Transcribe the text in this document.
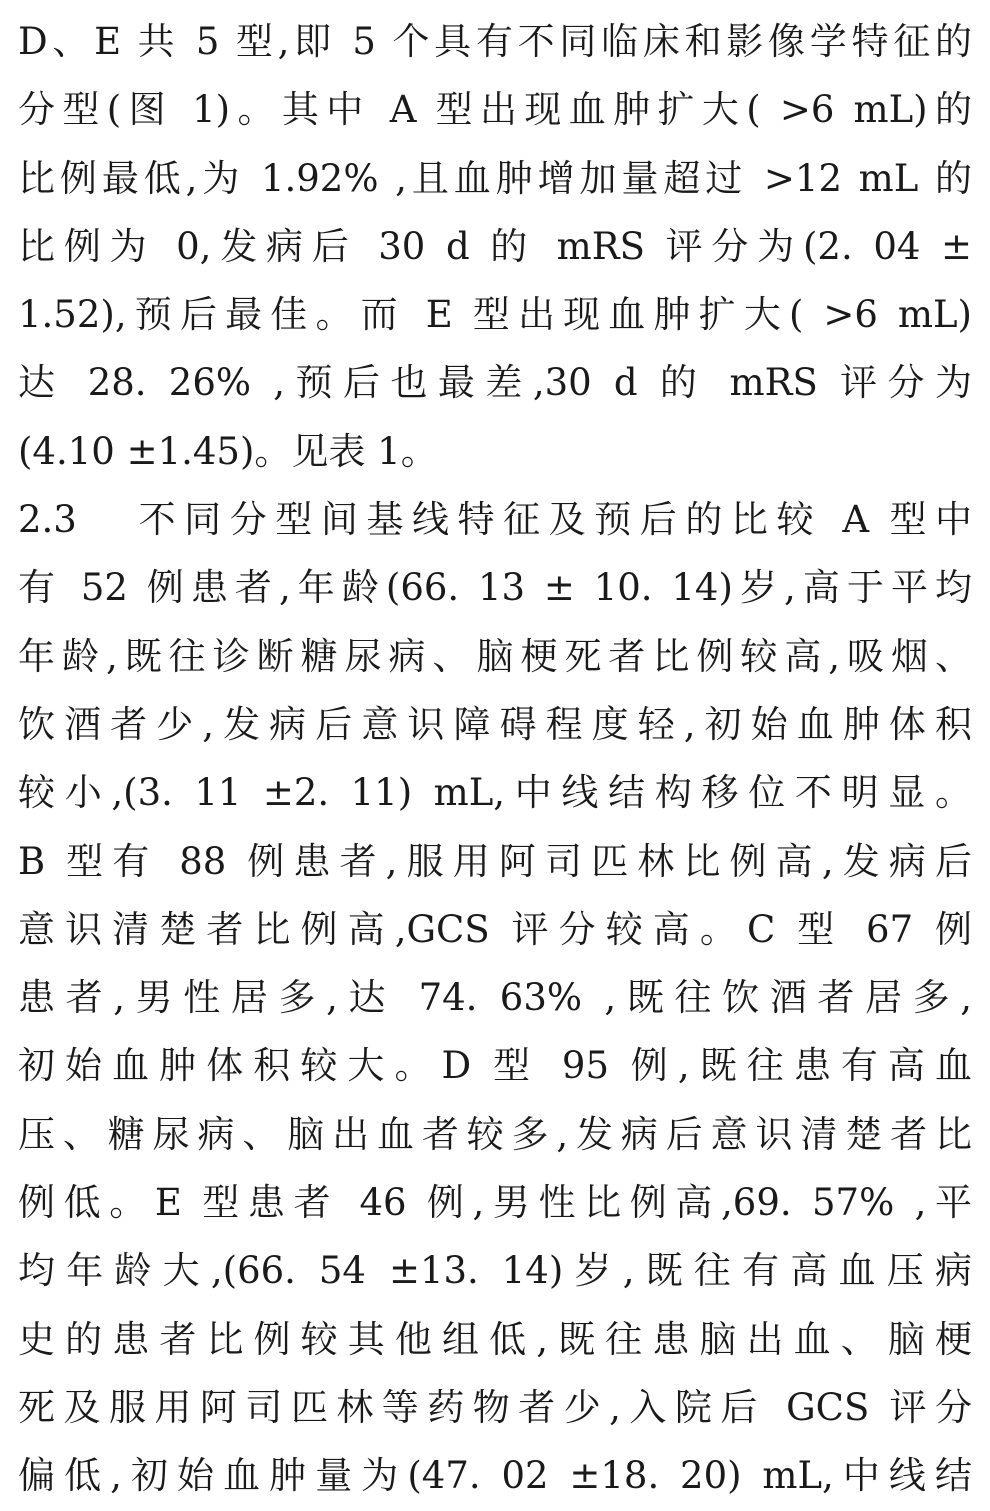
D、E 共 5 型,即 5 个具有不同临床和影像学特征的
分型(图 1)。其中 A 型出现血肿扩大( >6 mL)的
比例最低,为 1.92% ,且血肿增加量超过 >12 mL 的
比例为 0,发病后 30 d 的 mRS 评分为(2. 04 ±
1.52),预后最佳。而 E 型出现血肿扩大( >6 mL)
达 28. 26% ,预后也最差,30 d 的 mRS 评分为
(4.10 ±1.45)。见表 1。
2.3 不同分型间基线特征及预后的比较 A 型中
有 52 例患者,年龄(66. 13 ± 10. 14)岁,高于平均
年龄,既往诊断糖尿病、脑梗死者比例较高,吸烟、
饮酒者少,发病后意识障碍程度轻,初始血肿体积
较小,(3. 11 ±2. 11) mL,中线结构移位不明显。
B 型有 88 例患者,服用阿司匹林比例高,发病后
意识清楚者比例高,GCS 评分较高。C 型 67 例
患者,男性居多,达 74. 63% ,既往饮酒者居多,
初始血肿体积较大。D 型 95 例,既往患有高血
压、糖尿病、脑出血者较多,发病后意识清楚者比
例低。E 型患者 46 例,男性比例高,69. 57% ,平
均年龄大,(66. 54 ±13. 14)岁,既往有高血压病
史的患者比例较其他组低,既往患脑出血、脑梗
死及服用阿司匹林等药物者少,入院后 GCS 评分
偏低,初始血肿量为(47. 02 ±18. 20) mL,中线结
